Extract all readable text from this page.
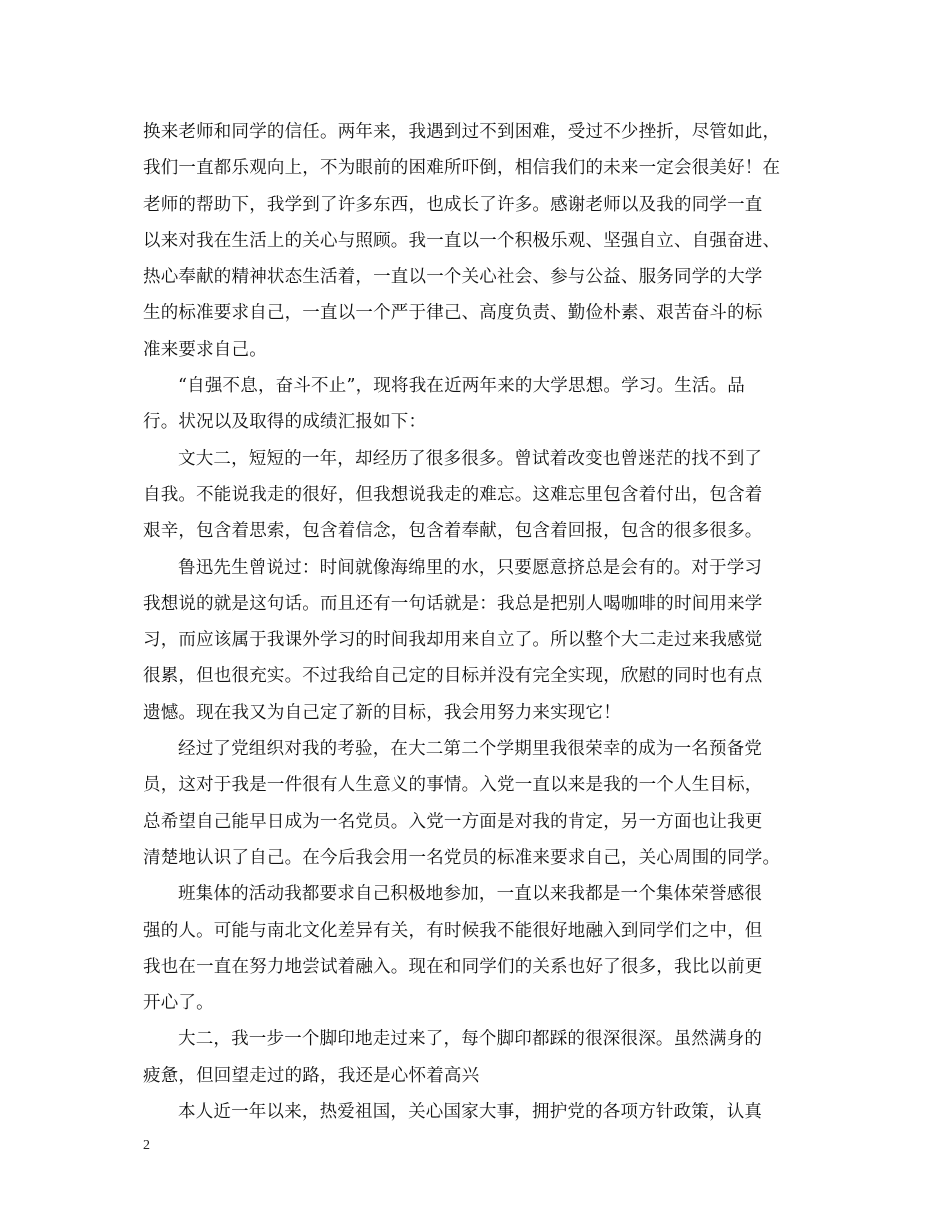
换来老师和同学的信任。两年来，我遇到过不到困难，受过不少挫折，尽管如此，
我们一直都乐观向上，不为眼前的困难所吓倒，相信我们的未来一定会很美好！在
老师的帮助下，我学到了许多东西，也成长了许多。感谢老师以及我的同学一直
以来对我在生活上的关心与照顾。我一直以一个积极乐观、坚强自立、自强奋进、
热心奉献的精神状态生活着，一直以一个关心社会、参与公益、服务同学的大学
生的标准要求自己，一直以一个严于律己、高度负责、勤俭朴素、艰苦奋斗的标
准来要求自己。
“自强不息，奋斗不止”，现将我在近两年来的大学思想。学习。生活。品
行。状况以及取得的成绩汇报如下：
文大二，短短的一年，却经历了很多很多。曾试着改变也曾迷茫的找不到了
自我。不能说我走的很好，但我想说我走的难忘。这难忘里包含着付出，包含着
艰辛，包含着思索，包含着信念，包含着奉献，包含着回报，包含的很多很多。
鲁迅先生曾说过：时间就像海绵里的水，只要愿意挤总是会有的。对于学习
我想说的就是这句话。而且还有一句话就是：我总是把别人喝咖啡的时间用来学
习，而应该属于我课外学习的时间我却用来自立了。所以整个大二走过来我感觉
很累，但也很充实。不过我给自己定的目标并没有完全实现，欣慰的同时也有点
遗憾。现在我又为自己定了新的目标，我会用努力来实现它！
经过了党组织对我的考验，在大二第二个学期里我很荣幸的成为一名预备党
员，这对于我是一件很有人生意义的事情。入党一直以来是我的一个人生目标，
总希望自己能早日成为一名党员。入党一方面是对我的肯定，另一方面也让我更
清楚地认识了自己。在今后我会用一名党员的标准来要求自己，关心周围的同学。
班集体的活动我都要求自己积极地参加，一直以来我都是一个集体荣誉感很
强的人。可能与南北文化差异有关，有时候我不能很好地融入到同学们之中，但
我也在一直在努力地尝试着融入。现在和同学们的关系也好了很多，我比以前更
开心了。
大二，我一步一个脚印地走过来了，每个脚印都踩的很深很深。虽然满身的
疲惫，但回望走过的路，我还是心怀着高兴
本人近一年以来，热爱祖国，关心国家大事，拥护党的各项方针政策，认真
2
